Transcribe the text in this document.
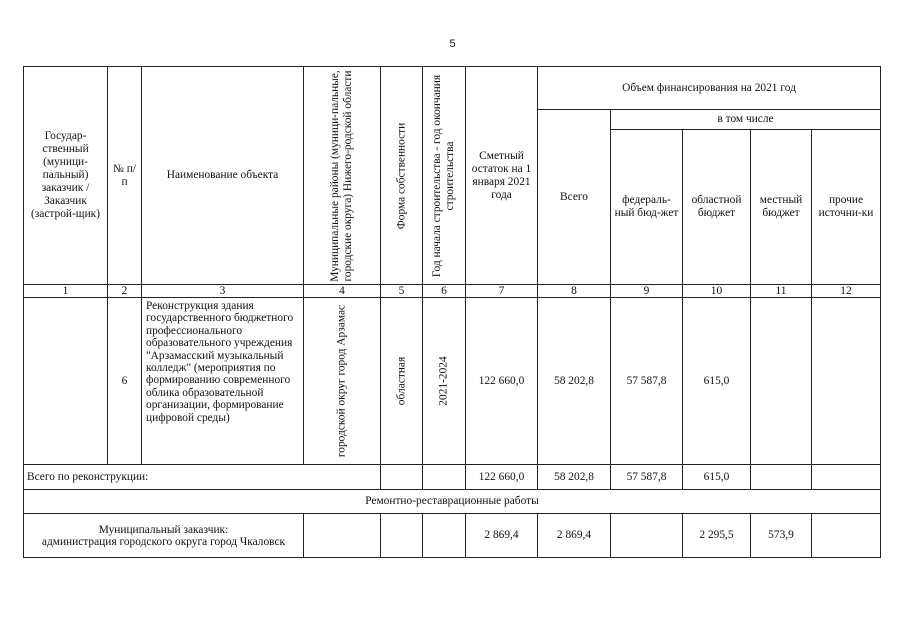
5
Государ-ственный (муници-пальный) заказчик / Заказчик (застрой-щик)	№ п/п	Наименование объекта	Муниципальные районы (муници-пальные, городские округа) Нижего-родской области	Форма собственности	Год начала строительства - год окончания строительства	Сметный остаток на 1 января 2021 года	Объем финансирования на 2021 год				
							Всего	в том числе			
								федераль-ный бюд-жет	областной бюджет	местный бюджет	прочие источни-ки
1	2	3	4	5	6	7	8	9	10	11	12
	6	Реконструкция здания государственного бюджетного профессионального образовательного учреждения "Арзамасский музыкальный колледж" (мероприятия по формированию современного облика образовательной организации, формирование цифровой среды)	городской округ город Арзамас	областная	2021-2024	122 660,0	58 202,8	57 587,8	615,0		
Всего по реконструкции:						122 660,0	58 202,8	57 587,8	615,0		
Ремонтно-реставрационные работы											

Муниципальный заказчик:
администрация городского округа город Чкаловск						2 869,4	2 869,4		2 295,5	573,9	
